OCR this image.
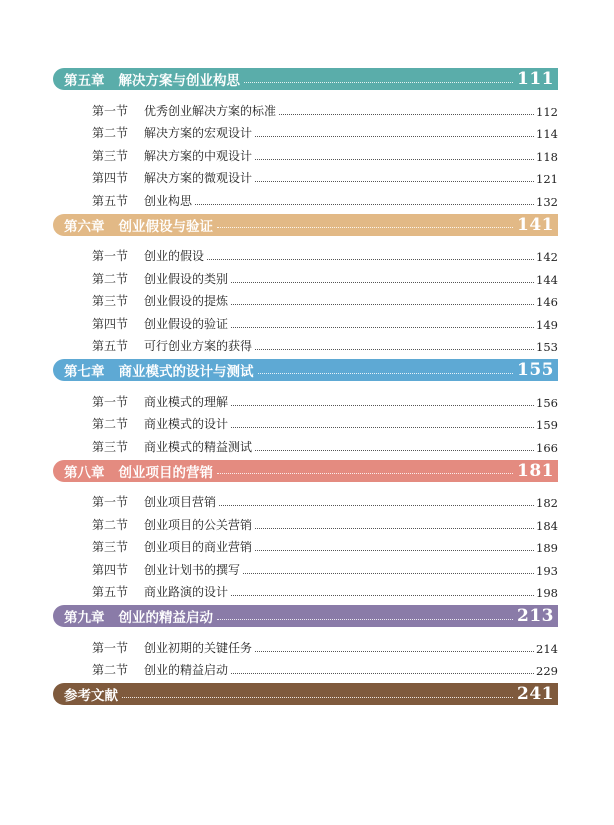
第五章 解决方案与创业构思	111
第一节	优秀创业解决方案的标准	112
第二节	解决方案的宏观设计	114
第三节	解决方案的中观设计	118
第四节	解决方案的微观设计	121
第五节	创业构思	132
第六章 创业假设与验证	141
第一节	创业的假设	142
第二节	创业假设的类别	144
第三节	创业假设的提炼	146
第四节	创业假设的验证	149
第五节	可行创业方案的获得	153
第七章 商业模式的设计与测试	155
第一节	商业模式的理解	156
第二节	商业模式的设计	159
第三节	商业模式的精益测试	166
第八章 创业项目的营销	181
第一节	创业项目营销	182
第二节	创业项目的公关营销	184
第三节	创业项目的商业营销	189
第四节	创业计划书的撰写	193
第五节	商业路演的设计	198
第九章 创业的精益启动	213
第一节	创业初期的关键任务	214
第二节	创业的精益启动	229
参考文献	241
